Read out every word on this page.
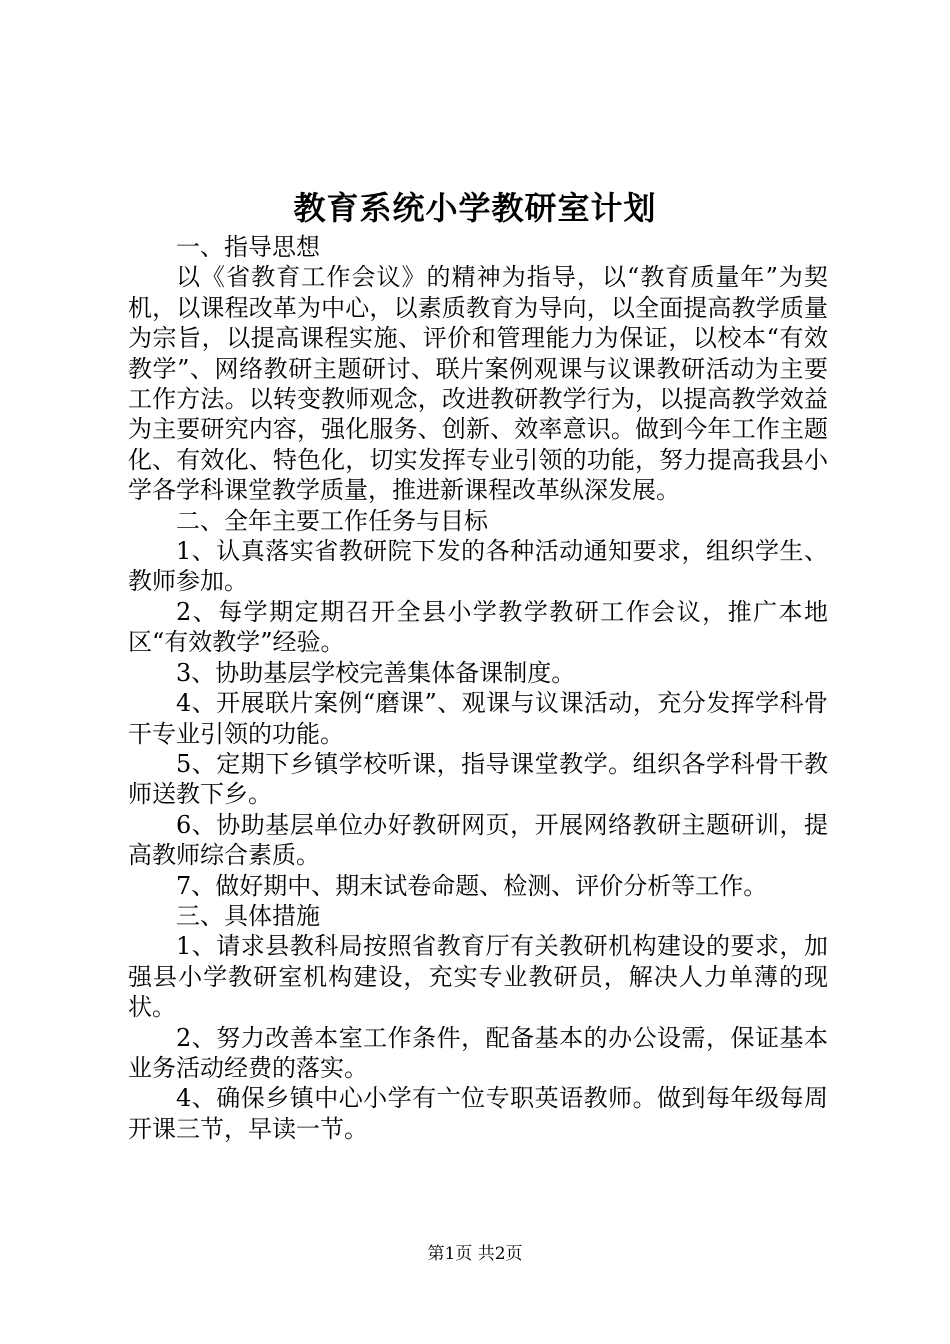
教育系统小学教研室计划

一、指导思想

以《省教育工作会议》的精神为指导，以“教育质量年”为契机，以课程改革为中心，以素质教育为导向，以全面提高教学质量为宗旨，以提高课程实施、评价和管理能力为保证，以校本“有效教学”、网络教研主题研讨、联片案例观课与议课教研活动为主要工作方法。以转变教师观念，改进教研教学行为，以提高教学效益为主要研究内容，强化服务、创新、效率意识。做到今年工作主题化、有效化、特色化，切实发挥专业引领的功能，努力提高我县小学各学科课堂教学质量，推进新课程改革纵深发展。

二、全年主要工作任务与目标

1、认真落实省教研院下发的各种活动通知要求，组织学生、教师参加。

2、每学期定期召开全县小学教学教研工作会议，推广本地区“有效教学”经验。

3、协助基层学校完善集体备课制度。

4、开展联片案例“磨课”、观课与议课活动，充分发挥学科骨干专业引领的功能。

5、定期下乡镇学校听课，指导课堂教学。组织各学科骨干教师送教下乡。

6、协助基层单位办好教研网页，开展网络教研主题研训，提高教师综合素质。

7、做好期中、期末试卷命题、检测、评价分析等工作。

三、具体措施

1、请求县教科局按照省教育厅有关教研机构建设的要求，加强县小学教研室机构建设，充实专业教研员，解决人力单薄的现状。

2、努力改善本室工作条件，配备基本的办公设需，保证基本业务活动经费的落实。

4、确保乡镇中心小学有亠位专职英语教师。做到每年级每周开课三节，早读一节。

第1页 共2页
